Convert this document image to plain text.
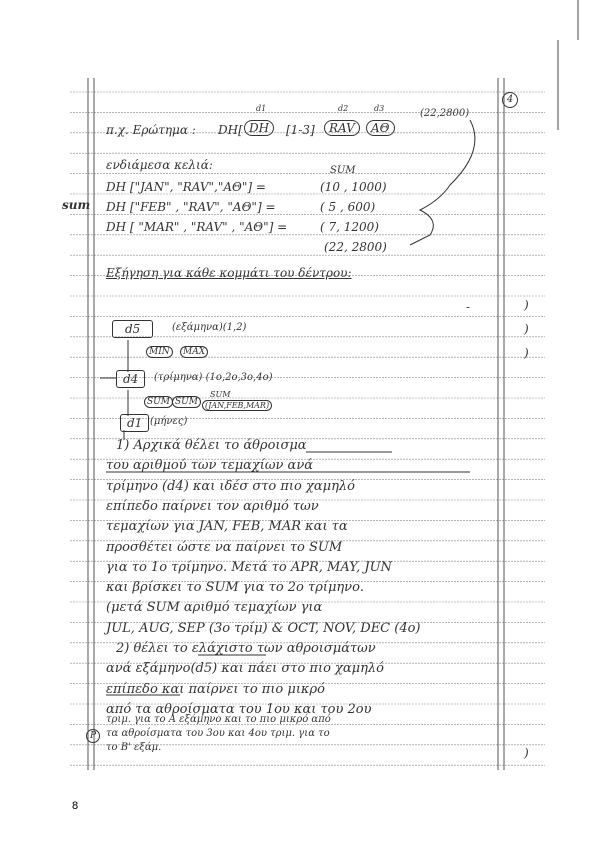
4
π.χ. Ερώτημα : DH[ DH	[1-3]	RAV	AΘ
(22,2800)
d1	d2	d3
ενδιάμεσα κελιά:	SUM
sum
DH ["JAN", "RAV","AΘ"] =	(10 , 1000)
DH ["FEB" , "RAV", "AΘ"] =	( 5 , 600)
DH [ "MAR" , "RAV" , "AΘ"] =	( 7, 1200)
(22, 2800)
Εξήγηση για κάθε κομμάτι του δέντρου:
d5	(εξάμηνα)(1,2)
MIN	MAX
d4	(τρίμηνα) (1ο,2ο,3ο,4ο)
SUM SUM
SUM
(JAN,FEB,MAR)
d1 (μήνες)
1) Αρχικά θέλει το άθροισμα
του αριθμού των τεμαχίων ανά
τρίμηνο (d4) και ιδέσ στο πιο χαμηλό
επίπεδο παίρνει τον αριθμό των
τεμαχίων για JAN, FEB, MAR και τα
προσθέτει ώστε να παίρνει το SUM
για το 1ο τρίμηνο. Μετά το APR, MAY, JUN
και βρίσκει το SUM για το 2ο τρίμηνο.
(μετά SUM αριθμό τεμαχίων για
JUL, AUG, SEP (3ο τρίμ) & OCT, NOV, DEC (4ο)
2) θέλει το ελάχιστο των αθροισμάτων
ανά εξάμηνο(d5) και πάει στο πιο χαμηλό
επίπεδο και παίρνει το πιο μικρό
από τα αθροίσματα του 1ου και του 2ου
P
τριμ. για το Α εξάμηνο και το πιο μικρό από
τα αθροίσματα του 3ου και 4ου τριμ. για το
το Β' εξάμ.
)
)
)
-
)
8
